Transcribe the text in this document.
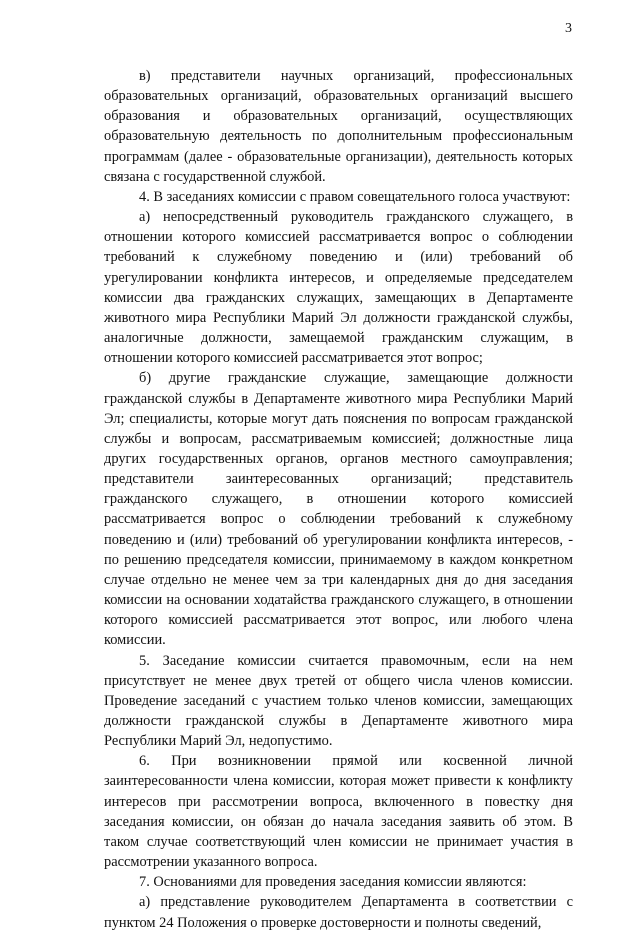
3

в) представители научных организаций, профессиональных образовательных организаций, образовательных организаций высшего образования и образовательных организаций, осуществляющих образовательную деятельность по дополнительным профессиональным программам (далее - образовательные организации), деятельность которых связана с государственной службой.

4. В заседаниях комиссии с правом совещательного голоса участвуют:

а) непосредственный руководитель гражданского служащего, в отношении которого комиссией рассматривается вопрос о соблюдении требований к служебному поведению и (или) требований об урегулировании конфликта интересов, и определяемые председателем комиссии два гражданских служащих, замещающих в Департаменте животного мира Республики Марий Эл должности гражданской службы, аналогичные должности, замещаемой гражданским служащим, в отношении которого комиссией рассматривается этот вопрос;

б) другие гражданские служащие, замещающие должности гражданской службы в Департаменте животного мира Республики Марий Эл; специалисты, которые могут дать пояснения по вопросам гражданской службы и вопросам, рассматриваемым комиссией; должностные лица других государственных органов, органов местного самоуправления; представители заинтересованных организаций; представитель гражданского служащего, в отношении которого комиссией рассматривается вопрос о соблюдении требований к служебному поведению и (или) требований об урегулировании конфликта интересов, - по решению председателя комиссии, принимаемому в каждом конкретном случае отдельно не менее чем за три календарных дня до дня заседания комиссии на основании ходатайства гражданского служащего, в отношении которого комиссией рассматривается этот вопрос, или любого члена комиссии.

5. Заседание комиссии считается правомочным, если на нем присутствует не менее двух третей от общего числа членов комиссии. Проведение заседаний с участием только членов комиссии, замещающих должности гражданской службы в Департаменте животного мира Республики Марий Эл, недопустимо.

6. При возникновении прямой или косвенной личной заинтересованности члена комиссии, которая может привести к конфликту интересов при рассмотрении вопроса, включенного в повестку дня заседания комиссии, он обязан до начала заседания заявить об этом. В таком случае соответствующий член комиссии не принимает участия в рассмотрении указанного вопроса.

7. Основаниями для проведения заседания комиссии являются:

а) представление руководителем Департамента в соответствии с пунктом 24 Положения о проверке достоверности и полноты сведений,
